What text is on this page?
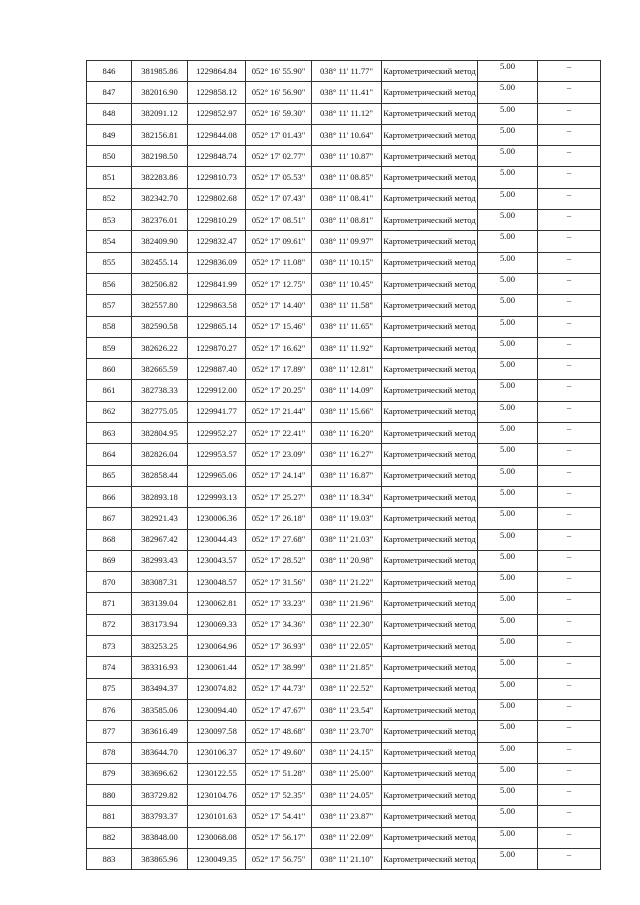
846	381985.86	1229864.84	052° 16' 55.90"	038° 11' 11.77"	Картометрический метод	5.00	–
847	382016.90	1229858.12	052° 16' 56.90"	038° 11' 11.41"	Картометрический метод	5.00	–
848	382091.12	1229852.97	052° 16' 59.30"	038° 11' 11.12"	Картометрический метод	5.00	–
849	382156.81	1229844.08	052° 17' 01.43"	038° 11' 10.64"	Картометрический метод	5.00	–
850	382198.50	1229848.74	052° 17' 02.77"	038° 11' 10.87"	Картометрический метод	5.00	–
851	382283.86	1229810.73	052° 17' 05.53"	038° 11' 08.85"	Картометрический метод	5.00	–
852	382342.70	1229802.68	052° 17' 07.43"	038° 11' 08.41"	Картометрический метод	5.00	–
853	382376.01	1229810.29	052° 17' 08.51"	038° 11' 08.81"	Картометрический метод	5.00	–
854	382409.90	1229832.47	052° 17' 09.61"	038° 11' 09.97"	Картометрический метод	5.00	–
855	382455.14	1229836.09	052° 17' 11.08"	038° 11' 10.15"	Картометрический метод	5.00	–
856	382506.82	1229841.99	052° 17' 12.75"	038° 11' 10.45"	Картометрический метод	5.00	–
857	382557.80	1229863.58	052° 17' 14.40"	038° 11' 11.58"	Картометрический метод	5.00	–
858	382590.58	1229865.14	052° 17' 15.46"	038° 11' 11.65"	Картометрический метод	5.00	–
859	382626.22	1229870.27	052° 17' 16.62"	038° 11' 11.92"	Картометрический метод	5.00	–
860	382665.59	1229887.40	052° 17' 17.89"	038° 11' 12.81"	Картометрический метод	5.00	–
861	382738.33	1229912.00	052° 17' 20.25"	038° 11' 14.09"	Картометрический метод	5.00	–
862	382775.05	1229941.77	052° 17' 21.44"	038° 11' 15.66"	Картометрический метод	5.00	–
863	382804.95	1229952.27	052° 17' 22.41"	038° 11' 16.20"	Картометрический метод	5.00	–
864	382826.04	1229953.57	052° 17' 23.09"	038° 11' 16.27"	Картометрический метод	5.00	–
865	382858.44	1229965.06	052° 17' 24.14"	038° 11' 16.87"	Картометрический метод	5.00	–
866	382893.18	1229993.13	052° 17' 25.27"	038° 11' 18.34"	Картометрический метод	5.00	–
867	382921.43	1230006.36	052° 17' 26.18"	038° 11' 19.03"	Картометрический метод	5.00	–
868	382967.42	1230044.43	052° 17' 27.68"	038° 11' 21.03"	Картометрический метод	5.00	–
869	382993.43	1230043.57	052° 17' 28.52"	038° 11' 20.98"	Картометрический метод	5.00	–
870	383087.31	1230048.57	052° 17' 31.56"	038° 11' 21.22"	Картометрический метод	5.00	–
871	383139.04	1230062.81	052° 17' 33.23"	038° 11' 21.96"	Картометрический метод	5.00	–
872	383173.94	1230069.33	052° 17' 34.36"	038° 11' 22.30"	Картометрический метод	5.00	–
873	383253.25	1230064.96	052° 17' 36.93"	038° 11' 22.05"	Картометрический метод	5.00	–
874	383316.93	1230061.44	052° 17' 38.99"	038° 11' 21.85"	Картометрический метод	5.00	–
875	383494.37	1230074.82	052° 17' 44.73"	038° 11' 22.52"	Картометрический метод	5.00	–
876	383585.06	1230094.40	052° 17' 47.67"	038° 11' 23.54"	Картометрический метод	5.00	–
877	383616.49	1230097.58	052° 17' 48.68"	038° 11' 23.70"	Картометрический метод	5.00	–
878	383644.70	1230106.37	052° 17' 49.60"	038° 11' 24.15"	Картометрический метод	5.00	–
879	383696.62	1230122.55	052° 17' 51.28"	038° 11' 25.00"	Картометрический метод	5.00	–
880	383729.82	1230104.76	052° 17' 52.35"	038° 11' 24.05"	Картометрический метод	5.00	–
881	383793.37	1230101.63	052° 17' 54.41"	038° 11' 23.87"	Картометрический метод	5.00	–
882	383848.00	1230068.08	052° 17' 56.17"	038° 11' 22.09"	Картометрический метод	5.00	–
883	383865.96	1230049.35	052° 17' 56.75"	038° 11' 21.10"	Картометрический метод	5.00	–
